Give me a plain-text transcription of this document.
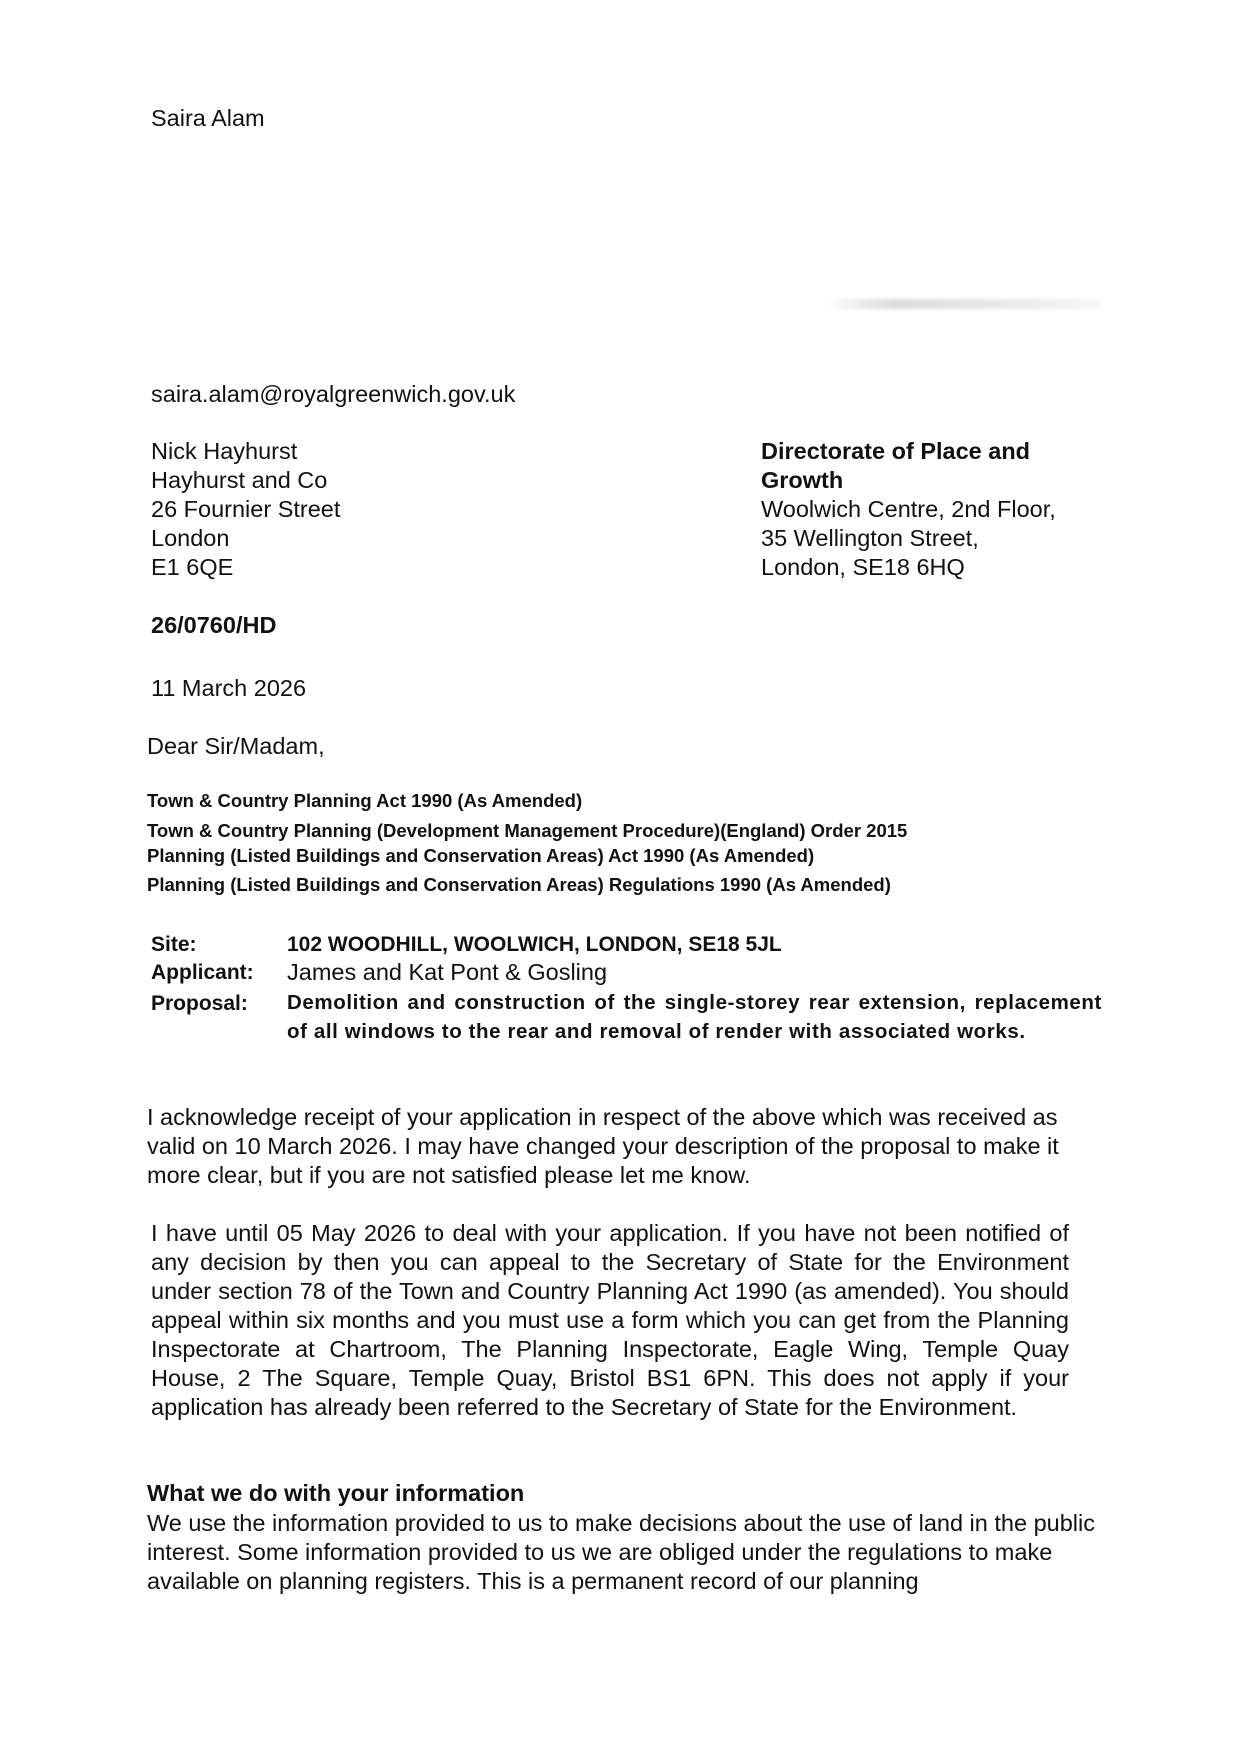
Saira Alam
saira.alam@royalgreenwich.gov.uk
Nick Hayhurst
Hayhurst and Co
26 Fournier Street
London
E1 6QE
Directorate of Place and
Growth
Woolwich Centre, 2nd Floor,
35 Wellington Street,
London, SE18 6HQ
26/0760/HD
11 March 2026
Dear Sir/Madam,
Town & Country Planning Act 1990 (As Amended)
Town & Country Planning (Development Management Procedure)(England) Order 2015
Planning (Listed Buildings and Conservation Areas) Act 1990 (As Amended)
Planning (Listed Buildings and Conservation Areas) Regulations 1990 (As Amended)
Site:	102 WOODHILL, WOOLWICH, LONDON, SE18 5JL
Applicant: James and Kat Pont & Gosling
Proposal: Demolition and construction of the single-storey rear extension, replacement of all windows to the rear and removal of render with associated works.
I acknowledge receipt of your application in respect of the above which was received as valid on 10 March 2026. I may have changed your description of the proposal to make it more clear, but if you are not satisfied please let me know.
I have until 05 May 2026 to deal with your application. If you have not been notified of any decision by then you can appeal to the Secretary of State for the Environment under section 78 of the Town and Country Planning Act 1990 (as amended). You should appeal within six months and you must use a form which you can get from the Planning Inspectorate at Chartroom, The Planning Inspectorate, Eagle Wing, Temple Quay House, 2 The Square, Temple Quay, Bristol BS1 6PN. This does not apply if your application has already been referred to the Secretary of State for the Environment.
What we do with your information
We use the information provided to us to make decisions about the use of land in the public interest. Some information provided to us we are obliged under the regulations to make available on planning registers. This is a permanent record of our planning
